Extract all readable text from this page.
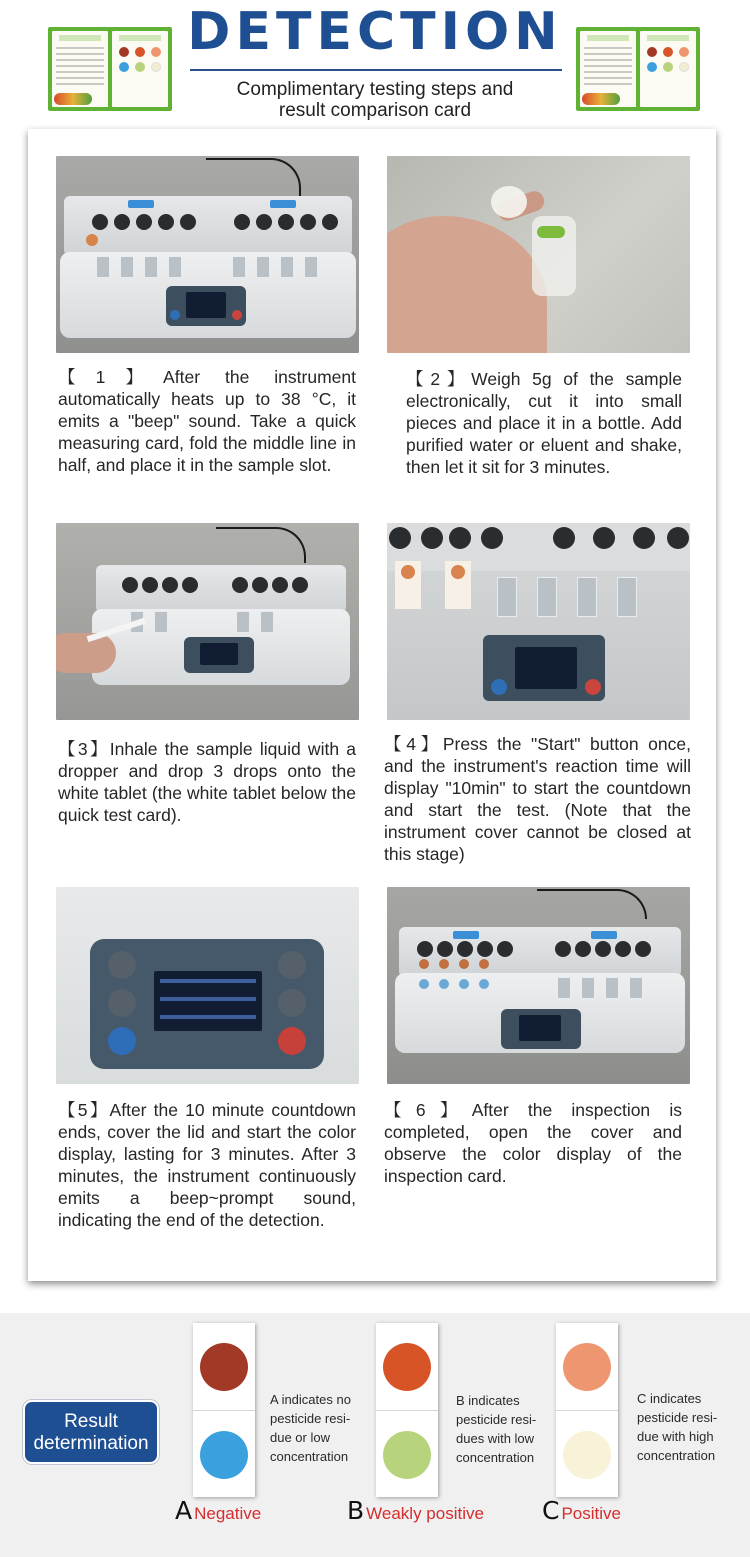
DETECTION
Complimentary testing steps and
result comparison card
【1】After the instrument automatically heats up to 38 °C, it emits a "beep" sound. Take a quick measuring card, fold the middle line in half, and place it in the sample slot.
【2】Weigh 5g of the sample electronically, cut it into small pieces and place it in a bottle. Add purified water or eluent and shake, then let it sit for 3 minutes.
【3】Inhale the sample liquid with a dropper and drop 3 drops onto the white tablet (the white tablet below the quick test card).
【4】Press the "Start" button once, and the instrument's reaction time will display "10min" to start the countdown and start the test. (Note that the instrument cover cannot be closed at this stage)
【5】After the 10 minute countdown ends, cover the lid and start the color display, lasting for 3 minutes. After 3 minutes, the instrument continuously emits a beep~prompt sound, indicating the end of the detection.
【6】After the inspection is completed, open the cover and observe the color display of the inspection card.
Result
determination
A indicates no
pesticide resi-
due or low
concentration
A Negative
B indicates
pesticide resi-
dues with low
concentration
B Weakly positive
C indicates
pesticide resi-
due with high
concentration
C Positive
